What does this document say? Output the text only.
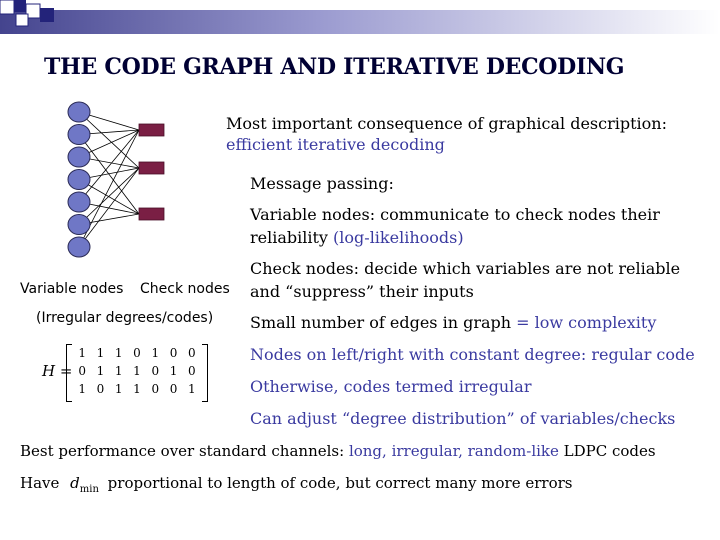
THE CODE GRAPH AND ITERATIVE DECODING
Variable nodes Check nodes
(Irregular degrees/codes)
H =
1 1 1 0 1 0 0
0 1 1 1 0 1 0
1 0 1 1 0 0 1
Most important consequence of graphical description:
efficient iterative decoding
Message passing:
Variable nodes: communicate to check nodes their
reliability (log-likelihoods)
Check nodes: decide which variables are not reliable
and “suppress” their inputs
Small number of edges in graph = low complexity
Nodes on left/right with constant degree: regular code
Otherwise, codes termed irregular
Can adjust “degree distribution” of variables/checks
Best performance over standard channels: long, irregular, random-like LDPC codes
Have $d_{min}$ proportional to length of code, but correct many more errors
